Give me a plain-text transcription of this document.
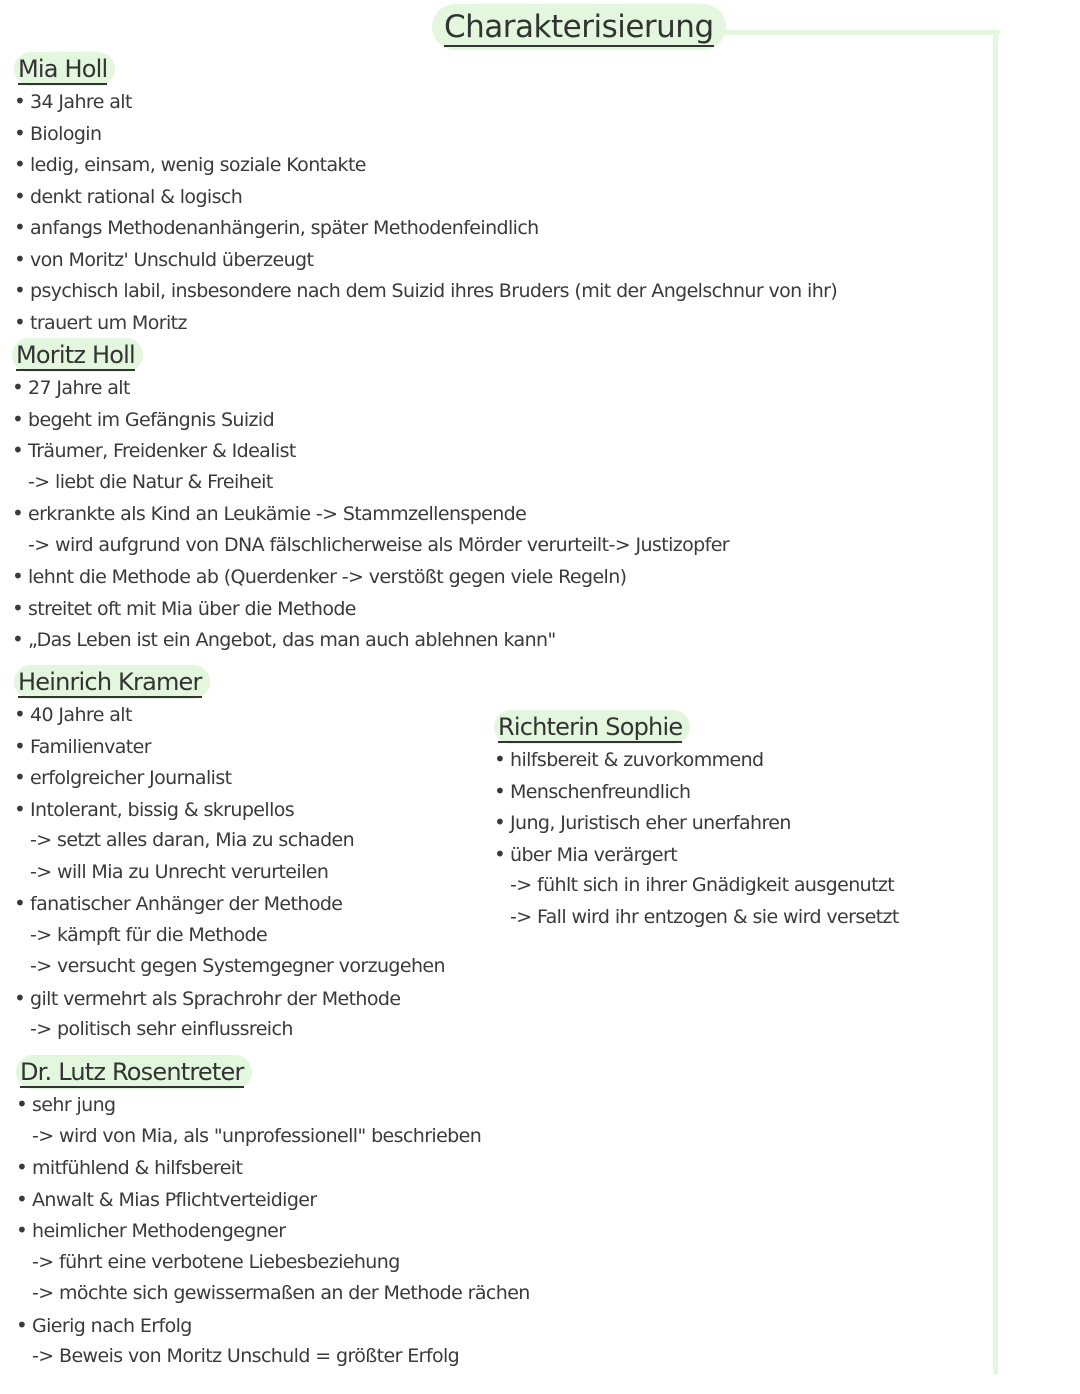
Charakterisierung
Mia Holl
• 34 Jahre alt
• Biologin
• ledig, einsam, wenig soziale Kontakte
• denkt rational & logisch
• anfangs Methodenanhängerin, später Methodenfeindlich
• von Moritz' Unschuld überzeugt
• psychisch labil, insbesondere nach dem Suizid ihres Bruders (mit der Angelschnur von ihr)
• trauert um Moritz
Moritz Holl
• 27 Jahre alt
• begeht im Gefängnis Suizid
• Träumer, Freidenker & Idealist
-> liebt die Natur & Freiheit
• erkrankte als Kind an Leukämie -> Stammzellenspende
-> wird aufgrund von DNA fälschlicherweise als Mörder verurteilt-> Justizopfer
• lehnt die Methode ab (Querdenker -> verstößt gegen viele Regeln)
• streitet oft mit Mia über die Methode
• „Das Leben ist ein Angebot, das man auch ablehnen kann"
Heinrich Kramer
• 40 Jahre alt
• Familienvater
• erfolgreicher Journalist
• Intolerant, bissig & skrupellos
-> setzt alles daran, Mia zu schaden
-> will Mia zu Unrecht verurteilen
• fanatischer Anhänger der Methode
-> kämpft für die Methode
-> versucht gegen Systemgegner vorzugehen
• gilt vermehrt als Sprachrohr der Methode
-> politisch sehr einflussreich
Richterin Sophie
• hilfsbereit & zuvorkommend
• Menschenfreundlich
• Jung, Juristisch eher unerfahren
• über Mia verärgert
-> fühlt sich in ihrer Gnädigkeit ausgenutzt
-> Fall wird ihr entzogen & sie wird versetzt
Dr. Lutz Rosentreter
• sehr jung
-> wird von Mia, als "unprofessionell" beschrieben
• mitfühlend & hilfsbereit
• Anwalt & Mias Pflichtverteidiger
• heimlicher Methodengegner
-> führt eine verbotene Liebesbeziehung
-> möchte sich gewissermaßen an der Methode rächen
• Gierig nach Erfolg
-> Beweis von Moritz Unschuld = größter Erfolg
